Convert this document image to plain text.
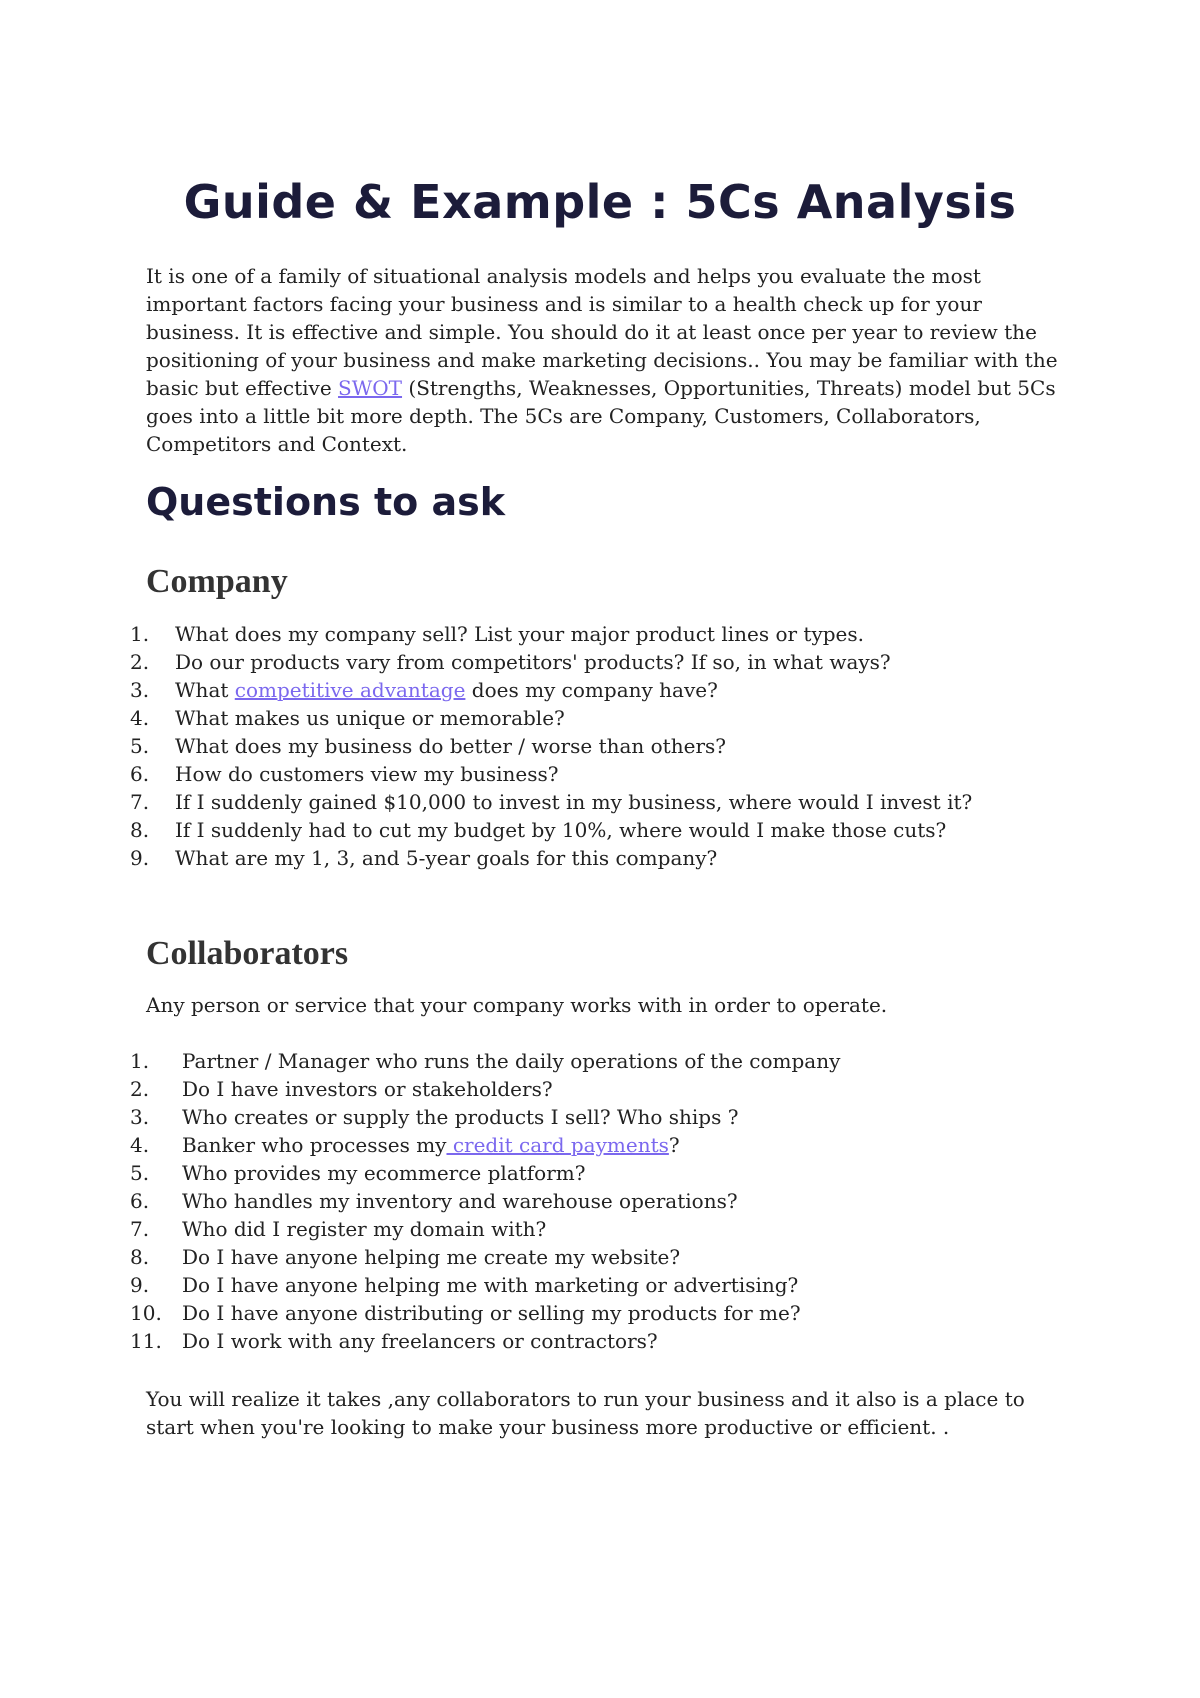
Guide & Example : 5Cs Analysis
It is one of a family of situational analysis models and helps you evaluate the most important factors facing your business and is similar to a health check up for your business. It is effective and simple. You should do it at least once per year to review the positioning of your business and make marketing decisions.. You may be familiar with the basic but effective SWOT (Strengths, Weaknesses, Opportunities, Threats) model but 5Cs goes into a little bit more depth. The 5Cs are Company, Customers, Collaborators, Competitors and Context.
Questions to ask
Company
1. What does my company sell? List your major product lines or types.
2. Do our products vary from competitors' products? If so, in what ways?
3. What competitive advantage does my company have?
4. What makes us unique or memorable?
5. What does my business do better / worse than others?
6. How do customers view my business?
7. If I suddenly gained $10,000 to invest in my business, where would I invest it?
8. If I suddenly had to cut my budget by 10%, where would I make those cuts?
9. What are my 1, 3, and 5-year goals for this company?
Collaborators
Any person or service that your company works with in order to operate.
1. Partner / Manager who runs the daily operations of the company
2. Do I have investors or stakeholders?
3. Who creates or supply the products I sell? Who ships ?
4. Banker who processes my credit card payments?
5. Who provides my ecommerce platform?
6. Who handles my inventory and warehouse operations?
7. Who did I register my domain with?
8. Do I have anyone helping me create my website?
9. Do I have anyone helping me with marketing or advertising?
10. Do I have anyone distributing or selling my products for me?
11. Do I work with any freelancers or contractors?
You will realize it takes ,any collaborators to run your business and it also is a place to start when you're looking to make your business more productive or efficient. .
